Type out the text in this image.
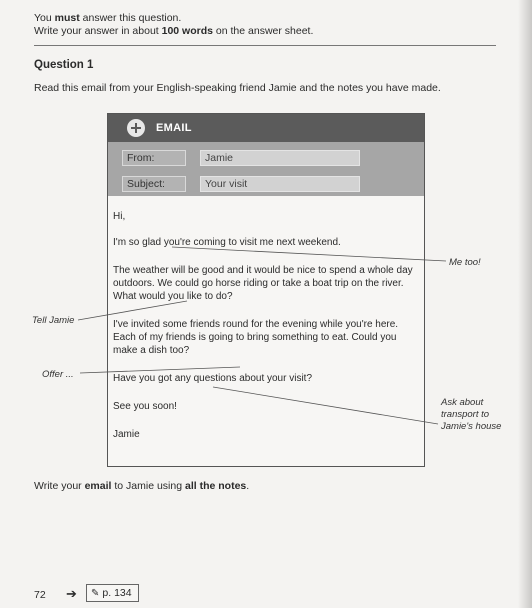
You must answer this question.
Write your answer in about 100 words on the answer sheet.
Question 1
Read this email from your English-speaking friend Jamie and the notes you have made.
EMAIL
From:	Jamie
Subject:	Your visit
Hi,
I'm so glad you're coming to visit me next weekend.
The weather will be good and it would be nice to spend a whole day outdoors. We could go horse riding or take a boat trip on the river. What would you like to do?
I've invited some friends round for the evening while you're here. Each of my friends is going to bring something to eat. Could you make a dish too?
Have you got any questions about your visit?
See you soon!
Jamie
Me too!
Tell Jamie
Offer ...
Ask about transport to Jamie's house
Write your email to Jamie using all the notes.
72 ➔	✎ p. 134
